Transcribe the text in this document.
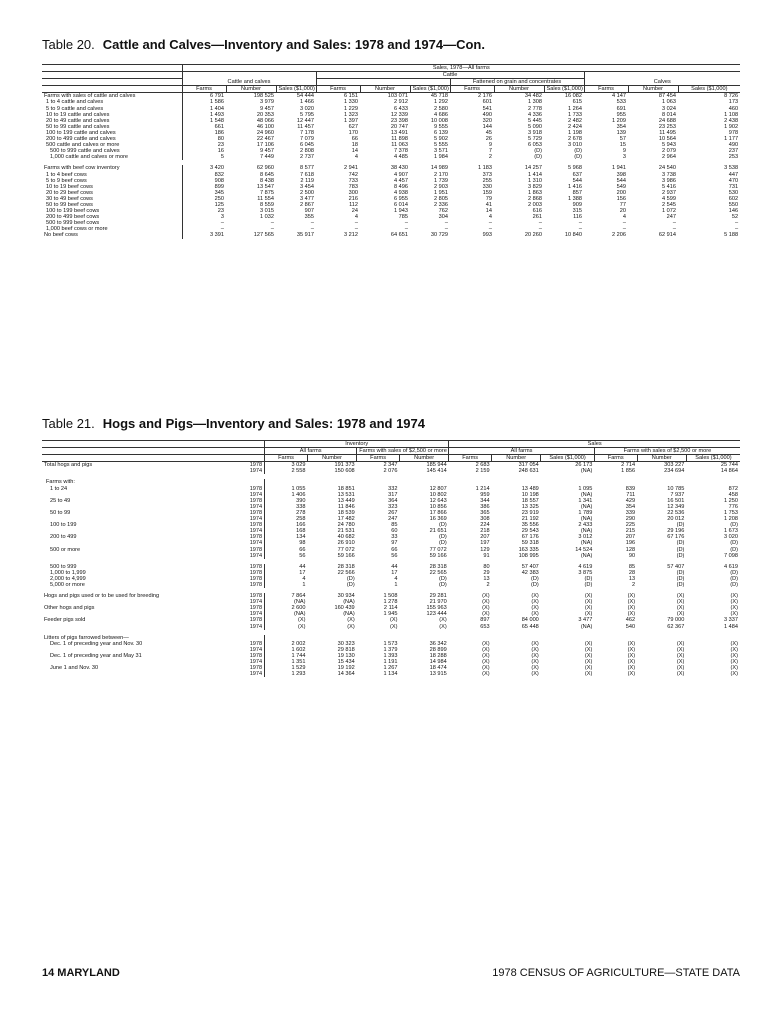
Table 20. Cattle and Calves—Inventory and Sales: 1978 and 1974—Con.
	Sales, 1978—All farms											
	Cattle and calves			Cattle						Calves		
							Fattened on grain and concentrates					
	Farms	Number	Sales ($1,000)	Farms	Number	Sales ($1,000)	Farms	Number	Sales ($1,000)	Farms	Number	Sales ($1,000)
Farms with sales of cattle and calves	6 791	198 525	54 444	6 151	103 071	45 718	2 176	34 482	16 082	4 147	87 454	8 726
1 to 4 cattle and calves	1 586	3 979	1 466	1 330	2 912	1 292	601	1 308	615	533	1 063	173
5 to 9 cattle and calves	1 404	9 457	3 020	1 229	6 433	2 580	541	2 778	1 264	691	3 024	460
10 to 19 cattle and calves	1 493	20 353	5 795	1 323	12 339	4 686	490	4 336	1 733	955	8 014	1 108
20 to 49 cattle and calves	1 548	48 066	12 447	1 397	23 398	10 008	320	5 445	2 482	1 209	24 688	2 438
50 to 99 cattle and calves	661	46 100	11 457	627	20 747	9 555	144	5 090	2 424	354	23 253	1 902
100 to 199 cattle and calves	186	24 960	7 178	170	13 491	6 139	45	3 918	1 198	139	11 495	978
200 to 499 cattle and calves	80	22 467	7 079	66	11 898	5 902	26	5 729	2 678	57	10 564	1 177
500 cattle and calves or more	23	17 106	6 045	18	11 063	5 555	9	6 053	3 010	15	5 943	490
500 to 999 cattle and calves	16	9 457	2 808	14	7 378	3 571	7	(D)	(D)	9	2 079	237
1,000 cattle and calves or more	5	7 449	2 737	4	4 485	1 984	2	(D)	(D)	3	2 964	253

Farms with beef cow inventory	3 420	62 960	8 577	2 941	38 430	14 989	1 183	14 257	5 968	1 941	24 540	3 538
1 to 4 beef cows	832	8 645	7 618	742	4 907	2 170	373	1 414	637	398	3 738	447
5 to 9 beef cows	908	8 438	2 119	733	4 457	1 739	255	1 310	544	544	3 986	470
10 to 19 beef cows	899	13 547	3 454	783	8 496	2 903	330	3 829	1 416	549	5 416	731
20 to 29 beef cows	345	7 875	2 500	300	4 938	1 951	159	1 863	857	200	2 937	530
30 to 49 beef cows	250	11 554	3 477	216	6 955	2 805	79	2 868	1 388	156	4 599	602
50 to 99 beef cows	125	8 559	2 867	112	6 014	2 336	41	2 003	909	77	2 545	550
100 to 199 beef cows	23	3 015	907	24	1 943	762	14	616	315	20	1 072	146
200 to 499 beef cows	3	1 032	355	4	785	304	4	261	116	4	247	52
500 to 999 beef cows	–	–	–	–	–	–	–	–	–	–	–	–
1,000 beef cows or more	–	–	–	–	–	–	–	–	–	–	–	–
No beef cows	3 391	127 565	35 917	3 212	64 651	30 729	993	20 260	10 840	2 206	62 914	5 188
Table 21. Hogs and Pigs—Inventory and Sales: 1978 and 1974
		Inventory				Sales					
		All farms		Farms with sales of $2,500 or more		All farms			Farms with sales of $2,500 or more		
		Farms	Number	Farms	Number	Farms	Number	Sales ($1,000)	Farms	Number	Sales ($1,000)
Total hogs and pigs	1978	3 029	191 373	2 347	185 944	2 683	317 054	26 173	2 714	303 227	25 744
	1974	2 558	150 608	2 076	145 414	2 159	248 631	(NA)	1 856	234 694	14 864

Farms with:											
1 to 24	1978	1 055	18 851	332	12 807	1 214	13 489	1 095	839	10 785	872
	1974	1 406	13 531	317	10 802	959	10 198	(NA)	711	7 937	458
25 to 49	1978	390	13 449	364	12 643	344	18 557	1 341	429	16 501	1 250
	1974	338	11 846	323	10 856	386	13 325	(NA)	354	12 349	776
50 to 99	1978	278	18 539	267	17 866	365	23 919	1 789	339	22 536	1 753
	1974	258	17 482	247	16 369	308	21 192	(NA)	290	20 012	1 208
100 to 199	1978	166	24 780	85	(D)	224	35 556	2 433	225	(D)	(D)
	1974	168	21 531	60	21 651	218	29 543	(NA)	215	29 196	1 673
200 to 499	1978	134	40 682	33	(D)	207	67 176	3 012	207	67 176	3 020
	1974	98	26 910	97	(D)	197	59 318	(NA)	196	(D)	(D)
500 or more	1978	66	77 072	66	77 072	129	163 335	14 524	128	(D)	(D)
	1974	56	59 166	56	59 166	91	108 995	(NA)	90	(D)	7 098

500 to 999	1978	44	28 318	44	28 318	80	57 407	4 619	85	57 407	4 619
1,000 to 1,999	1978	17	22 566	17	22 565	29	42 383	3 875	28	(D)	(D)
2,000 to 4,999	1978	4	(D)	4	(D)	13	(D)	(D)	13	(D)	(D)
5,000 or more	1978	1	(D)	1	(D)	2	(D)	(D)	2	(D)	(D)

Hogs and pigs used or to be used for breeding	1978	7 864	30 934	1 508	29 281	(X)	(X)	(X)	(X)	(X)	(X)
	1974	(NA)	(NA)	1 278	21 970	(X)	(X)	(X)	(X)	(X)	(X)
Other hogs and pigs	1978	2 600	160 439	2 114	155 963	(X)	(X)	(X)	(X)	(X)	(X)
	1974	(NA)	(NA)	1 945	123 444	(X)	(X)	(X)	(X)	(X)	(X)
Feeder pigs sold	1978	(X)	(X)	(X)	(X)	897	84 000	3 477	462	79 000	3 337
	1974	(X)	(X)	(X)	(X)	653	65 448	(NA)	540	62 367	1 484

Litters of pigs farrowed between—											
Dec. 1 of preceding year and Nov. 30	1978	2 002	30 323	1 573	36 342	(X)	(X)	(X)	(X)	(X)	(X)
	1974	1 602	29 818	1 379	28 899	(X)	(X)	(X)	(X)	(X)	(X)
Dec. 1 of preceding year and May 31	1978	1 744	19 130	1 393	18 288	(X)	(X)	(X)	(X)	(X)	(X)
	1974	1 351	15 434	1 191	14 984	(X)	(X)	(X)	(X)	(X)	(X)
June 1 and Nov. 30	1978	1 529	19 192	1 267	18 474	(X)	(X)	(X)	(X)	(X)	(X)
	1974	1 293	14 364	1 134	13 915	(X)	(X)	(X)	(X)	(X)	(X)
14 MARYLAND	1978 CENSUS OF AGRICULTURE—STATE DATA
